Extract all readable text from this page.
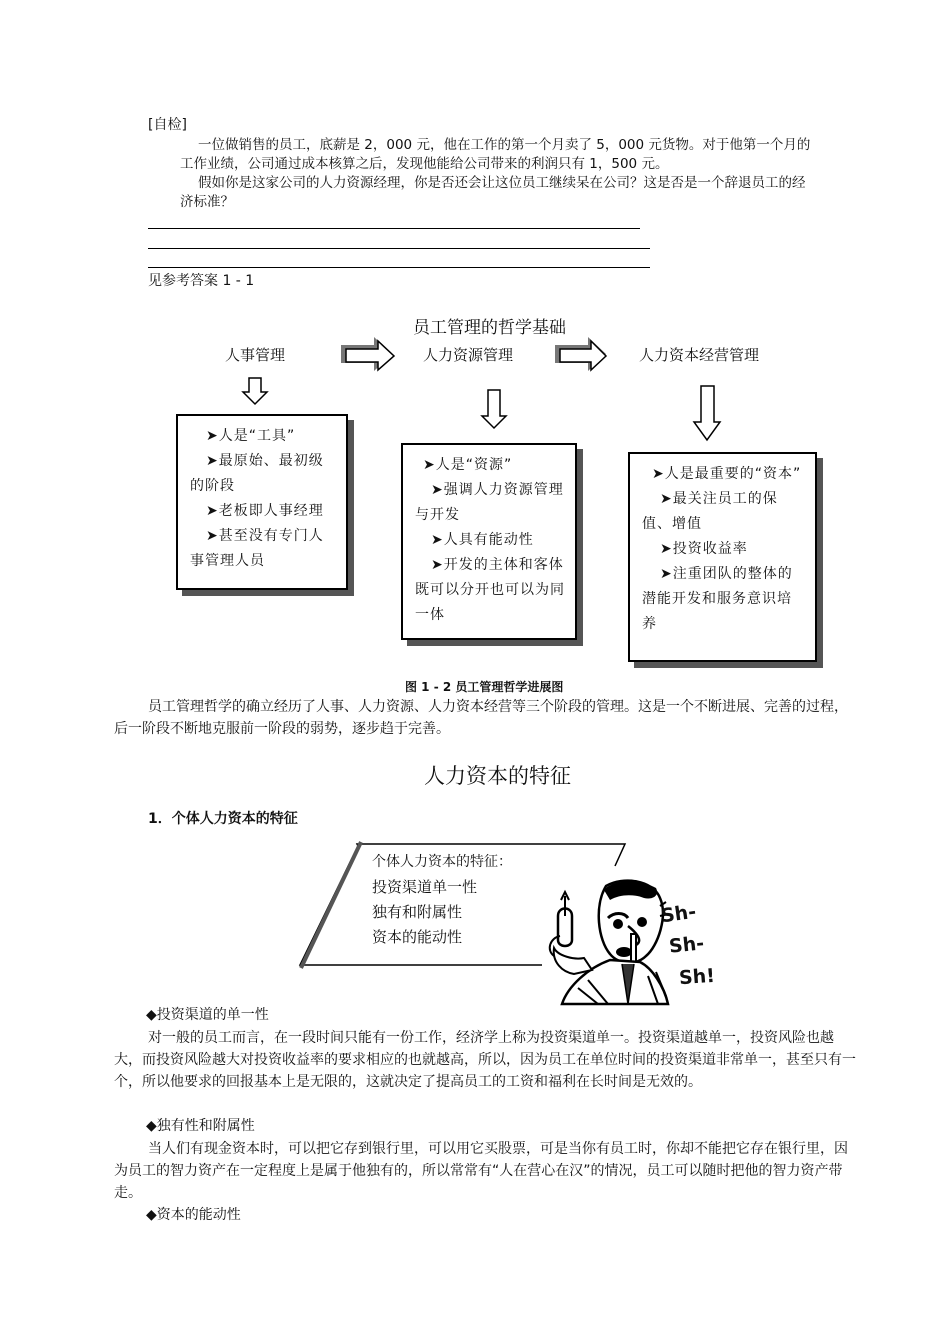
[自检]
一位做销售的员工，底薪是 2，000 元，他在工作的第一个月卖了 5，000 元货物。对于他第一个月的
工作业绩，公司通过成本核算之后，发现他能给公司带来的利润只有 1，500 元。
假如你是这家公司的人力资源经理，你是否还会让这位员工继续呆在公司？这是否是一个辞退员工的经
济标准？
见参考答案 1 - 1
员工管理的哲学基础
人事管理	人力资源管理	人力资本经营管理
➤人是“工具”
➤最原始、最初级的阶段
➤老板即人事经理
➤甚至没有专门人事管理人员
➤人是“资源”
➤强调人力资源管理与开发
➤人具有能动性
➤开发的主体和客体既可以分开也可以为同一体
➤人是最重要的“资本”
➤最关注员工的保值、增值
➤投资收益率
➤注重团队的整体的潜能开发和服务意识培养
图 1 - 2 员工管理哲学进展图
员工管理哲学的确立经历了人事、人力资源、人力资本经营等三个阶段的管理。这是一个不断进展、完善的过程，后一阶段不断地克服前一阶段的弱势，逐步趋于完善。
人力资本的特征
1．个体人力资本的特征
个体人力资本的特征：
投资渠道单一性
独有和附属性
资本的能动性
Sh-
Sh-
Sh!
◆投资渠道的单一性
对一般的员工而言，在一段时间只能有一份工作，经济学上称为投资渠道单一。投资渠道越单一，投资风险也越大，而投资风险越大对投资收益率的要求相应的也就越高，所以，因为员工在单位时间的投资渠道非常单一，甚至只有一个，所以他要求的回报基本上是无限的，这就决定了提高员工的工资和福利在长时间是无效的。
◆独有性和附属性
当人们有现金资本时，可以把它存到银行里，可以用它买股票，可是当你有员工时，你却不能把它存在银行里，因为员工的智力资产在一定程度上是属于他独有的，所以常常有“人在营心在汉”的情况，员工可以随时把他的智力资产带走。
◆资本的能动性
